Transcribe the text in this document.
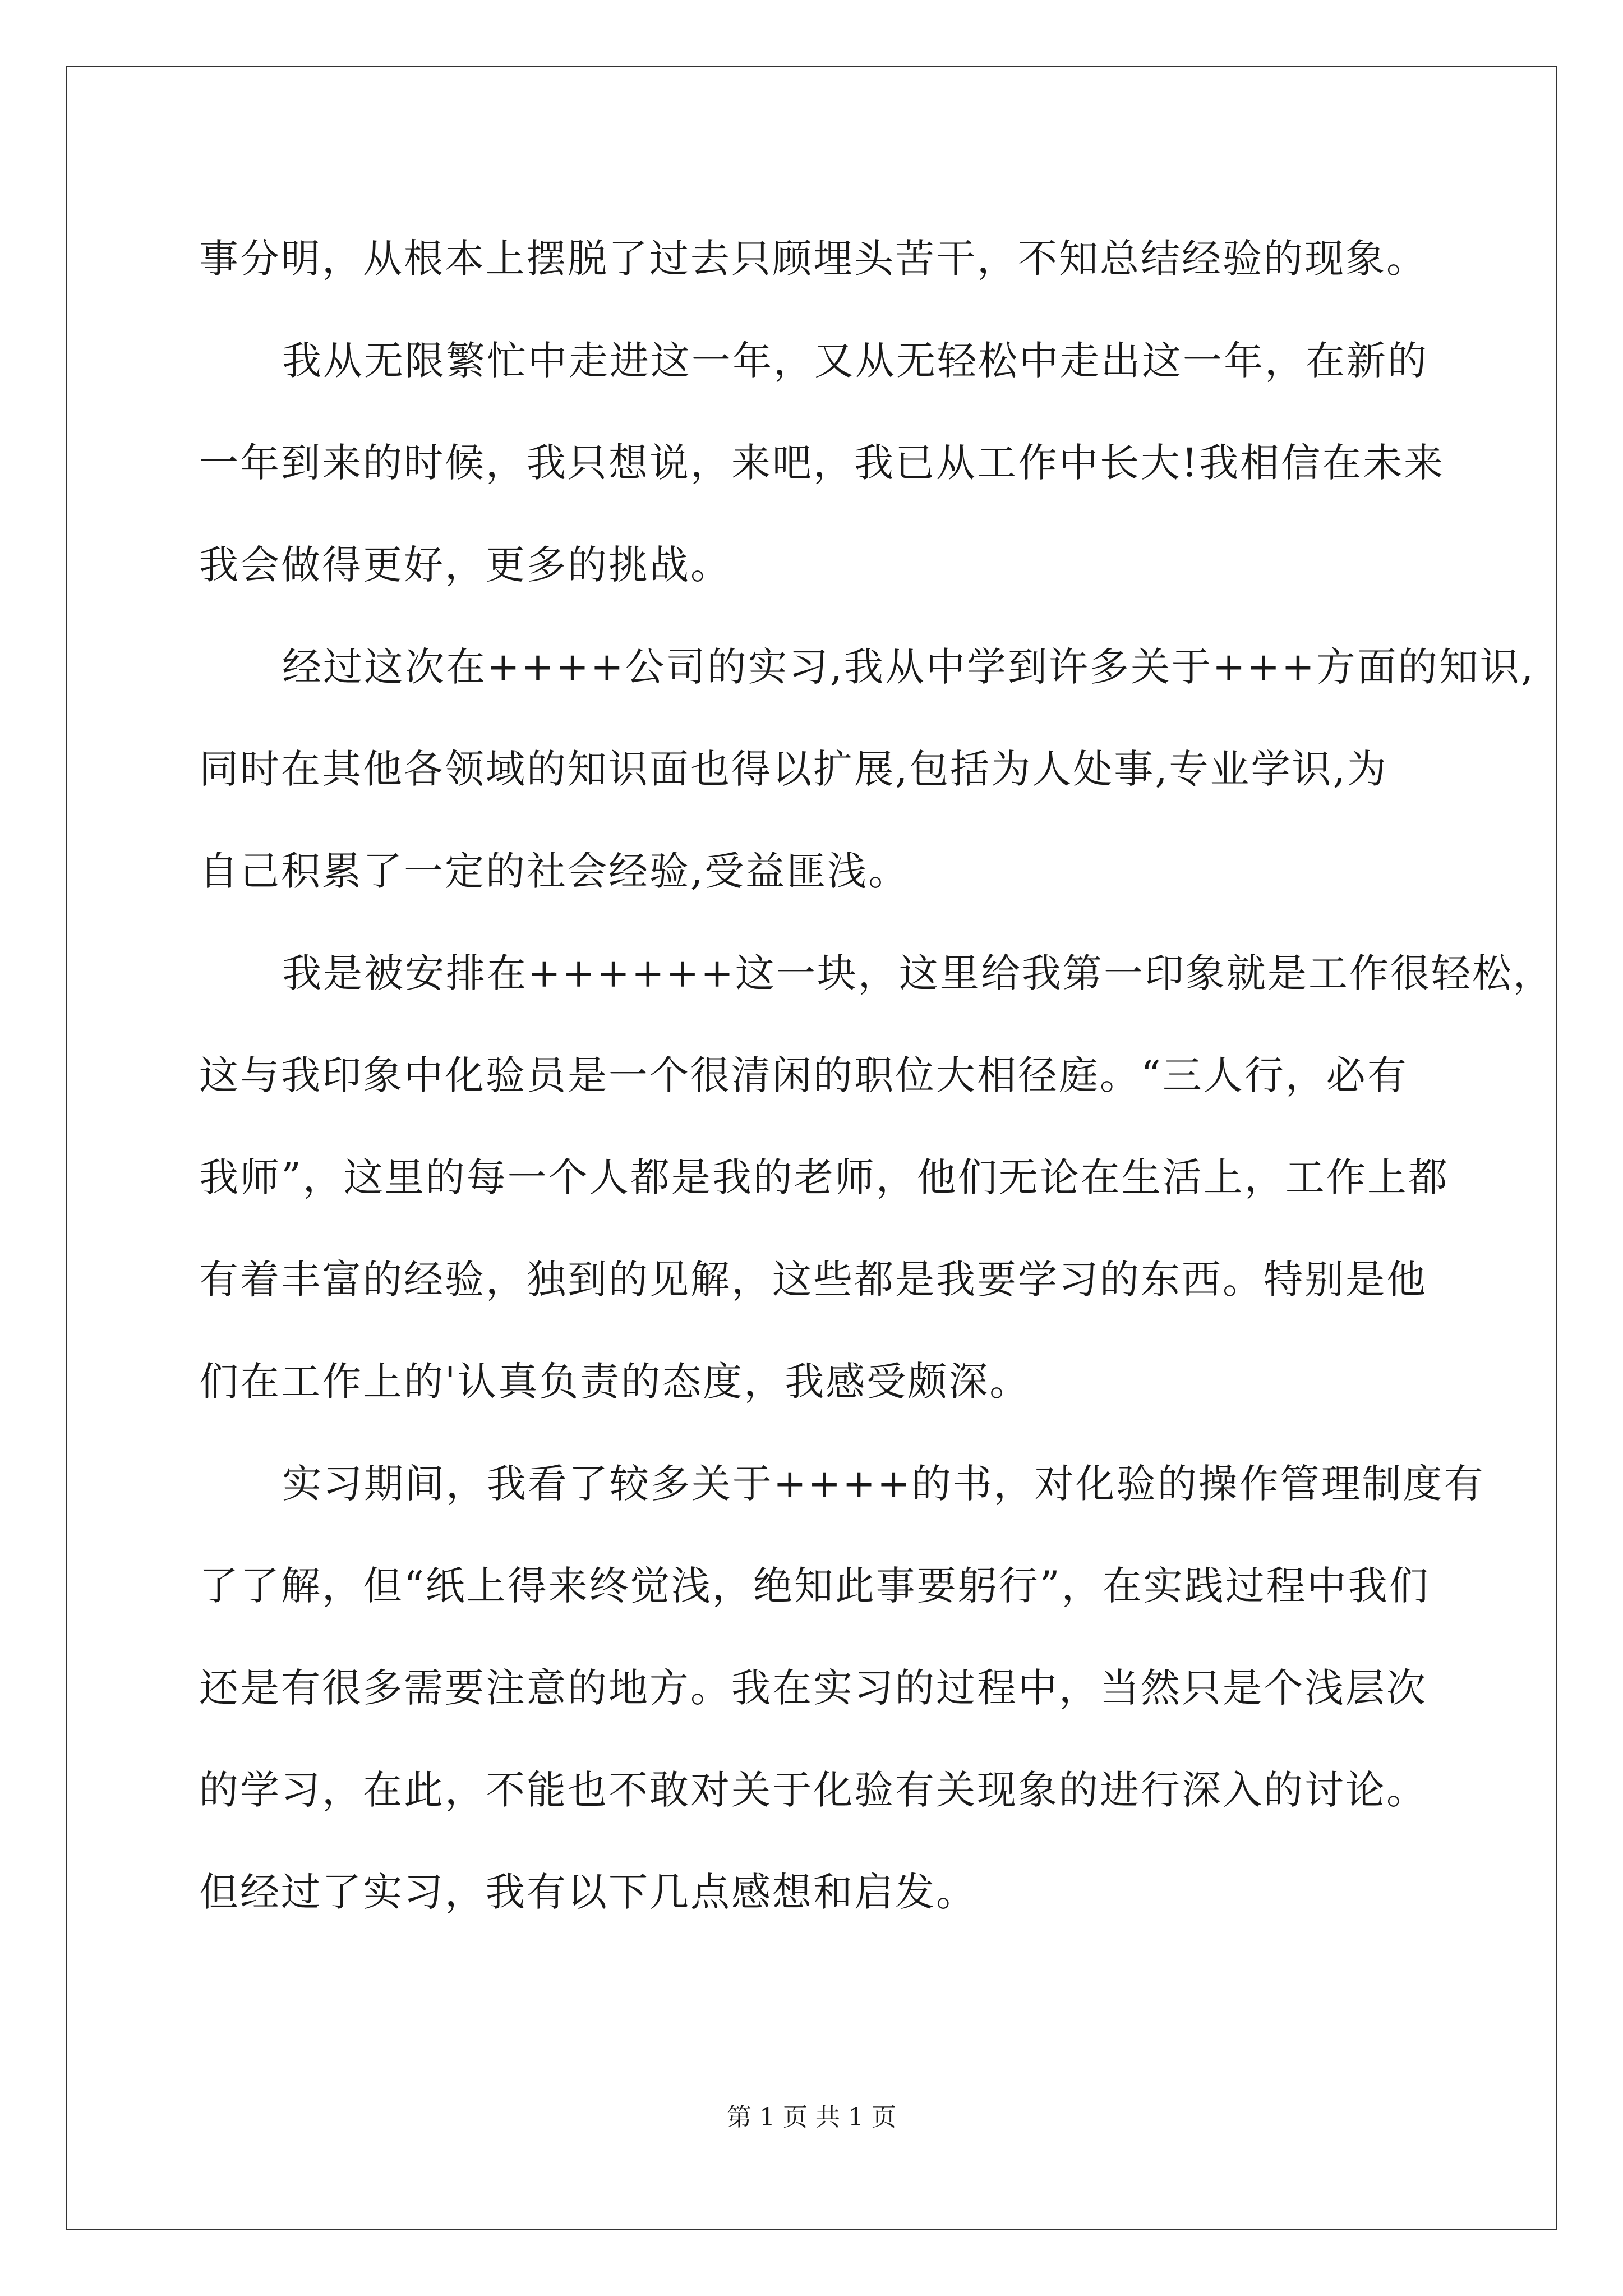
事分明，从根本上摆脱了过去只顾埋头苦干，不知总结经验的现象。
我从无限繁忙中走进这一年，又从无轻松中走出这一年，在新的
一年到来的时候，我只想说，来吧，我已从工作中长大!我相信在未来
我会做得更好，更多的挑战。
经过这次在++++公司的实习,我从中学到许多关于+++方面的知识,
同时在其他各领域的知识面也得以扩展,包括为人处事,专业学识,为
自己积累了一定的社会经验,受益匪浅。
我是被安排在++++++这一块，这里给我第一印象就是工作很轻松，
这与我印象中化验员是一个很清闲的职位大相径庭。“三人行，必有
我师”，这里的每一个人都是我的老师，他们无论在生活上，工作上都
有着丰富的经验，独到的见解，这些都是我要学习的东西。特别是他
们在工作上的'认真负责的态度，我感受颇深。
实习期间，我看了较多关于++++的书，对化验的操作管理制度有
了了解，但“纸上得来终觉浅，绝知此事要躬行”，在实践过程中我们
还是有很多需要注意的地方。我在实习的过程中，当然只是个浅层次
的学习，在此，不能也不敢对关于化验有关现象的进行深入的讨论。
但经过了实习，我有以下几点感想和启发。
第 1 页 共 1 页
